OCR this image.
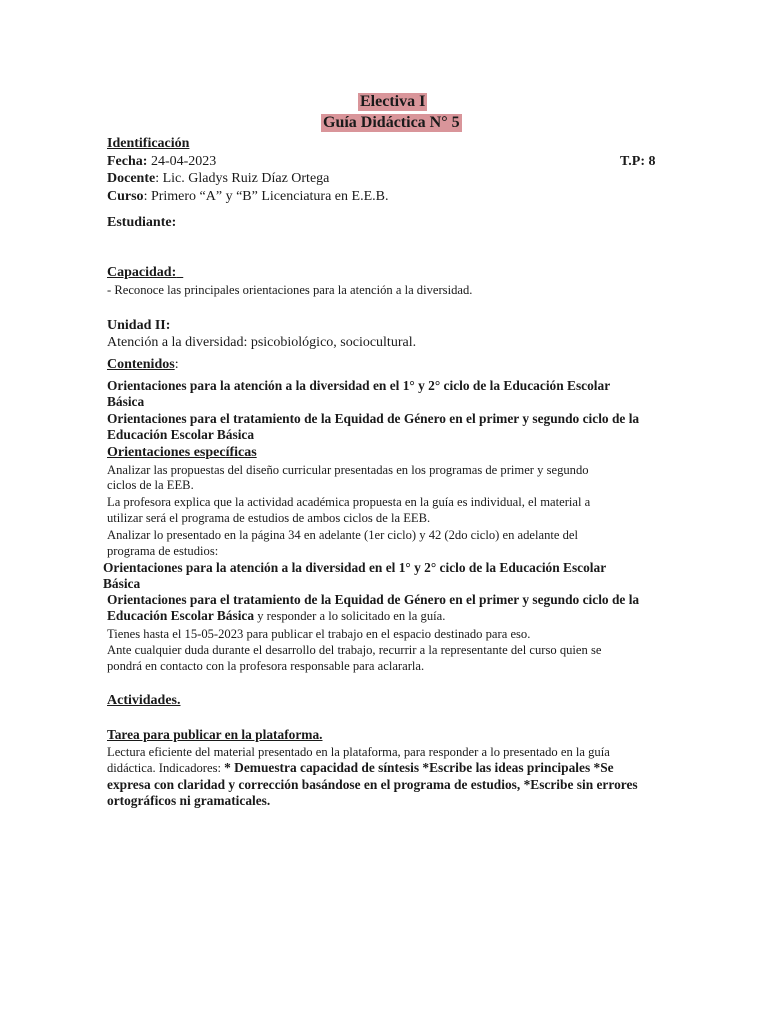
Electiva I
Guía Didáctica N° 5
Identificación
Fecha: 24-04-2023	T.P: 8
Docente: Lic. Gladys Ruiz Díaz Ortega
Curso: Primero “A” y “B” Licenciatura en E.E.B.
Estudiante:
Capacidad:
- Reconoce las principales orientaciones para la atención a la diversidad.
Unidad II:
Atención a la diversidad: psicobiológico, sociocultural.
Contenidos:
Orientaciones para la atención a la diversidad en el 1° y 2° ciclo de la Educación Escolar
Básica
Orientaciones para el tratamiento de la Equidad de Género en el primer y segundo ciclo de la
Educación Escolar Básica
Orientaciones específicas
Analizar las propuestas del diseño curricular presentadas en los programas de primer y segundo
ciclos de la EEB.
La profesora explica que la actividad académica propuesta en la guía es individual, el material a
utilizar será el programa de estudios de ambos ciclos de la EEB.
Analizar lo presentado en la página 34 en adelante (1er ciclo) y 42 (2do ciclo) en adelante del
programa de estudios:
Orientaciones para la atención a la diversidad en el 1° y 2° ciclo de la Educación Escolar
Básica
Orientaciones para el tratamiento de la Equidad de Género en el primer y segundo ciclo de la
Educación Escolar Básica y responder a lo solicitado en la guía.
Tienes hasta el 15-05-2023 para publicar el trabajo en el espacio destinado para eso.
Ante cualquier duda durante el desarrollo del trabajo, recurrir a la representante del curso quien se
pondrá en contacto con la profesora responsable para aclararla.
Actividades.
Tarea para publicar en la plataforma.
Lectura eficiente del material presentado en la plataforma, para responder a lo presentado en la guía
didáctica. Indicadores: * Demuestra capacidad de síntesis *Escribe las ideas principales *Se
expresa con claridad y corrección basándose en el programa de estudios, *Escribe sin errores
ortográficos ni gramaticales.
